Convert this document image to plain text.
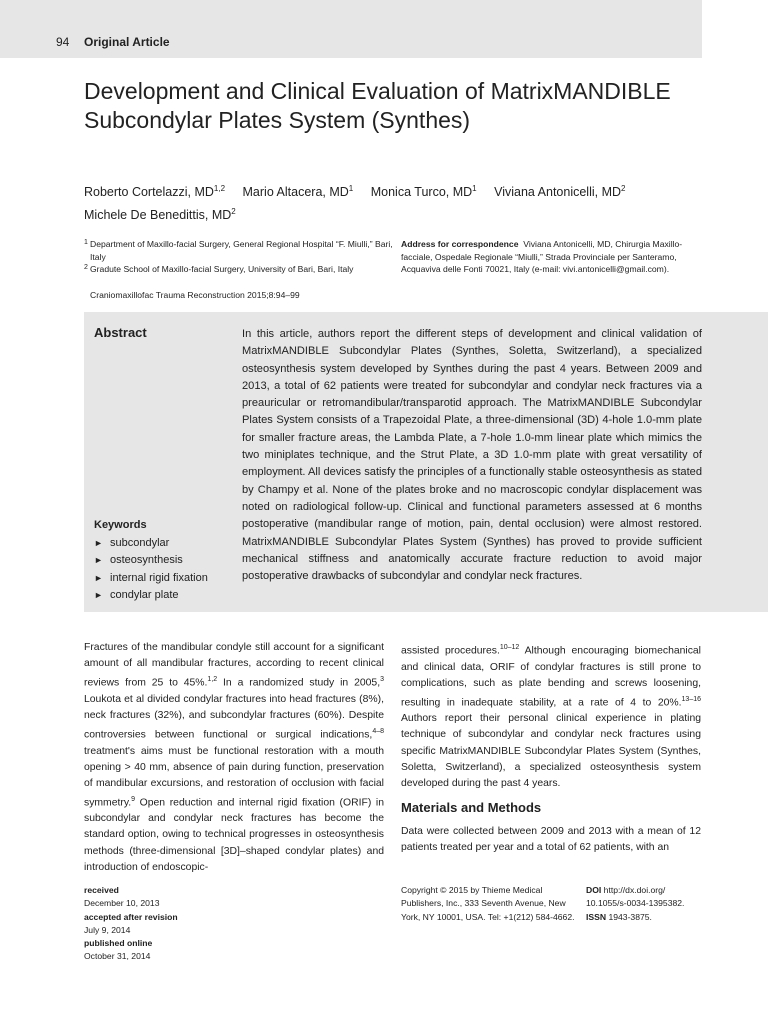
94 Original Article
Development and Clinical Evaluation of MatrixMANDIBLE Subcondylar Plates System (Synthes)
Roberto Cortelazzi, MD$^{1,2}$ Mario Altacera, $MD^1$ Monica Turco, $MD^1$ Viviana Antonicelli, $MD^2$
Michele De Benedittis, $MD^2$
1 Department of Maxillo-facial Surgery, General Regional Hospital “F. Miulli,” Bari, Italy
2 Gradute School of Maxillo-facial Surgery, University of Bari, Bari, Italy
Craniomaxillofac Trauma Reconstruction 2015;8:94–99
Address for correspondence Viviana Antonicelli, MD, Chirurgia Maxillo-facciale, Ospedale Regionale “Miulli,” Strada Provinciale per Santeramo, Acquaviva delle Fonti 70021, Italy (e-mail: vivi.antonicelli@gmail.com).
Abstract	In this article, authors report the different steps of development and clinical validation of MatrixMANDIBLE Subcondylar Plates (Synthes, Soletta, Switzerland), a specialized osteosynthesis system developed by Synthes during the past 4 years. Between 2009 and 2013, a total of 62 patients were treated for subcondylar and condylar neck fractures via a preauricular or retromandibular/transparotid approach. The MatrixMANDIBLE Subcondylar Plates System consists of a Trapezoidal Plate, a three-dimensional (3D) 4-hole 1.0-mm plate for smaller fracture areas, the Lambda Plate, a 7-hole 1.0-mm linear plate which mimics the two miniplates technique, and the Strut Plate, a 3D 1.0-mm plate with great versatility of employment. All devices satisfy the principles of a functionally stable osteosynthesis as stated by Champy et al. None of the plates broke and no macroscopic condylar displacement was noted on radiological follow-up. Clinical and functional parameters assessed at 6 months postoperative (mandibular range of motion, pain, dental occlusion) were almost restored. MatrixMANDIBLE Subcondylar Plates System (Synthes) has proved to provide sufficient mechanical stiffness and anatomically accurate fracture reduction to avoid major postoperative drawbacks of subcondylar and condylar neck fractures.

Keywords
► subcondylar
► osteosynthesis
► internal rigid fixation
► condylar plate

Fractures of the mandibular condyle still account for a significant amount of all mandibular fractures, according to recent clinical reviews from 25 to 45%.$^{1,2}$ In a randomized study in 2005,$^3$ Loukota et al divided condylar fractures into head fractures (8%), neck fractures (32%), and subcondylar fractures (60%). Despite controversies between functional or surgical indications,$^{4-8}$ treatment's aims must be functional restoration with a mouth opening > 40 mm, absence of pain during function, preservation of mandibular excursions, and restoration of occlusion with facial symmetry.$^9$ Open reduction and internal rigid fixation (ORIF) in subcondylar and condylar neck fractures has become the standard option, owing to technical progresses in osteosynthesis methods (three-dimensional [3D]–shaped condylar plates) and introduction of endoscopic-

assisted procedures.$^{10-12}$ Although encouraging biomechanical and clinical data, ORIF of condylar fractures is still prone to complications, such as plate bending and screws loosening, resulting in inadequate stability, at a rate of 4 to 20%.$^{13-16}$ Authors report their personal clinical experience in plating technique of subcondylar and condylar neck fractures using specific MatrixMANDIBLE Subcondylar Plates System (Synthes, Soletta, Switzerland), a specialized osteosynthesis system developed during the past 4 years.

Materials and Methods

Data were collected between 2009 and 2013 with a mean of 12 patients treated per year and a total of 62 patients, with an

received
December 10, 2013
accepted after revision
July 9, 2014
published online
October 31, 2014
Copyright © 2015 by Thieme Medical Publishers, Inc., 333 Seventh Avenue, New York, NY 10001, USA. Tel: +1(212) 584-4662.
DOI http://dx.doi.org/ 10.1055/s-0034-1395382.
ISSN 1943-3875.
